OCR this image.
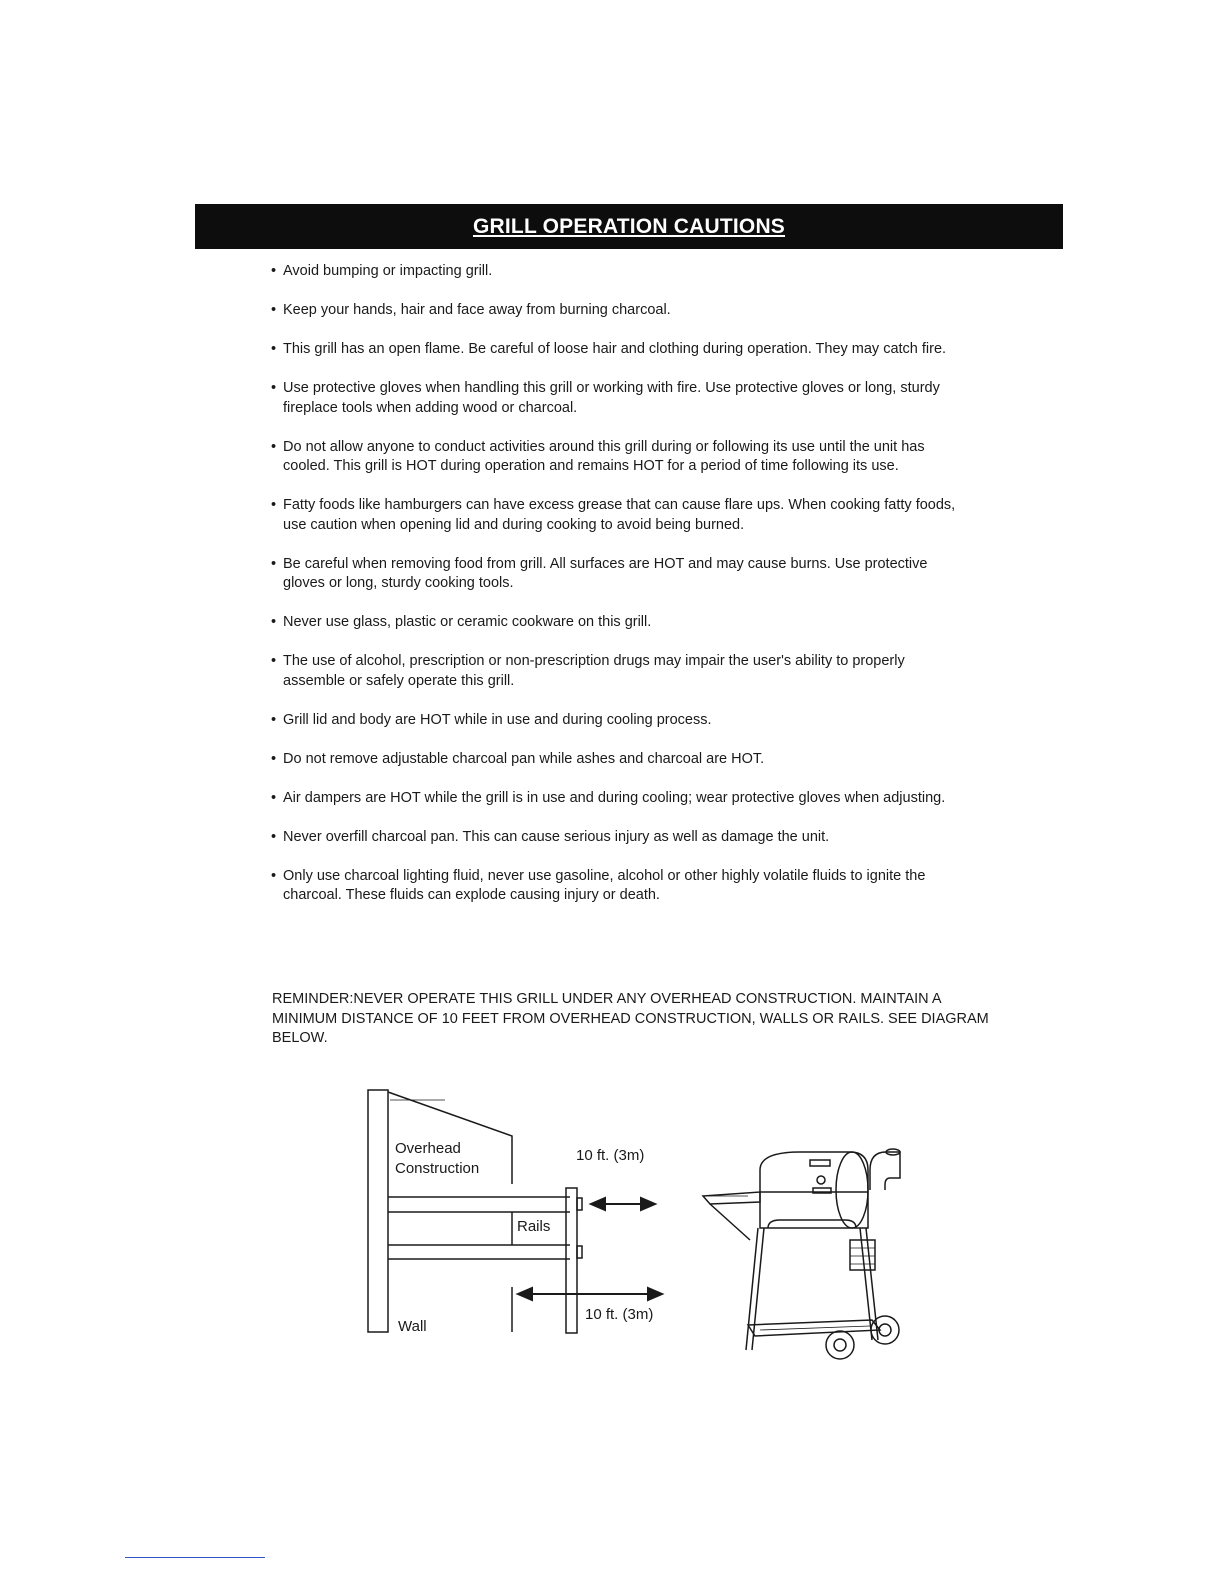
GRILL OPERATION CAUTIONS
• Avoid bumping or impacting grill.
• Keep your hands, hair and face away from burning charcoal.
• This grill has an open flame. Be careful of loose hair and clothing during operation. They may catch fire.
• Use protective gloves when handling this grill or working with fire. Use protective gloves or long, sturdy fireplace tools when adding wood or charcoal.
• Do not allow anyone to conduct activities around this grill during or following its use until the unit has cooled. This grill is HOT during operation and remains HOT for a period of time following its use.
• Fatty foods like hamburgers can have excess grease that can cause flare ups. When cooking fatty foods, use caution when opening lid and during cooking to avoid being burned.
• Be careful when removing food from grill. All surfaces are HOT and may cause burns. Use protective gloves or long, sturdy cooking tools.
• Never use glass, plastic or ceramic cookware on this grill.
• The use of alcohol, prescription or non-prescription drugs may impair the user's ability to properly assemble or safely operate this grill.
• Grill lid and body are HOT while in use and during cooling process.
• Do not remove adjustable charcoal pan while ashes and charcoal are HOT.
• Air dampers are HOT while the grill is in use and during cooling; wear protective gloves when adjusting.
• Never overfill charcoal pan. This can cause serious injury as well as damage the unit.
• Only use charcoal lighting fluid, never use gasoline, alcohol or other highly volatile fluids to ignite the charcoal. These fluids can explode causing injury or death.

REMINDER:NEVER OPERATE THIS GRILL UNDER ANY OVERHEAD CONSTRUCTION. MAINTAIN A MINIMUM DISTANCE OF 10 FEET FROM OVERHEAD CONSTRUCTION, WALLS OR RAILS. SEE DIAGRAM BELOW.

Overhead
Construction
Rails
Wall
10 ft. (3m)
10 ft. (3m)
